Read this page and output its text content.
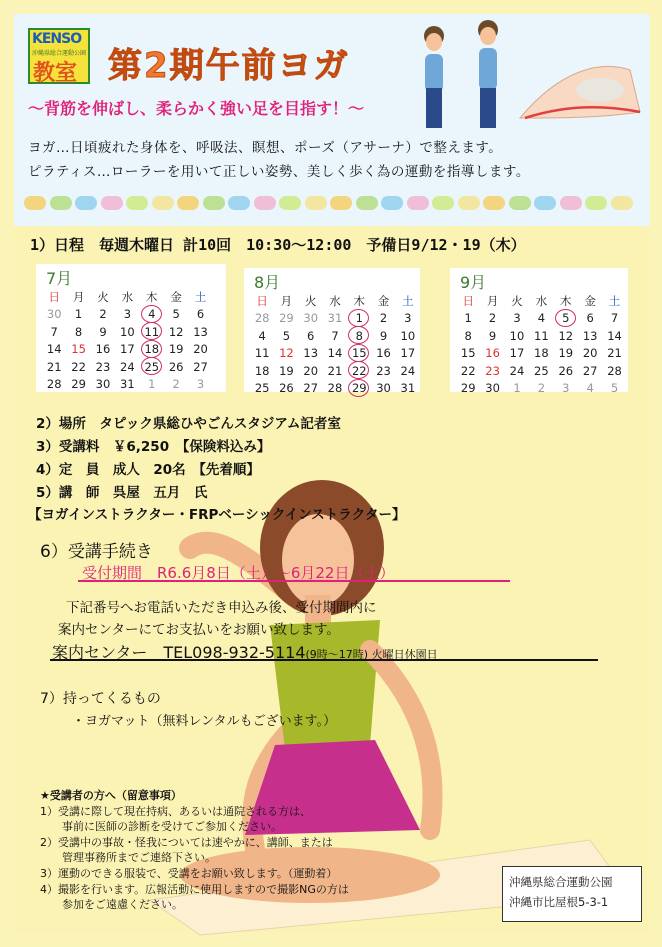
KENSO
沖縄県総合運動公園
教室 第2期午前ヨガ
～背筋を伸ばし、柔らかく強い足を目指す！～
ヨガ…日頃疲れた身体を、呼吸法、瞑想、ポーズ（アサーナ）で整えます。
ピラティス…ローラーを用いて正しい姿勢、美しく歩く為の運動を指導します。
1）日程　毎週木曜日 計10回　10:30～12:00　予備日9/12・19（木）
7月
日	月	火	水	木	金	土
30	1	2	3	4	5	6
7	8	9	10	11	12	13
14	15	16	17	18	19	20
21	22	23	24	25	26	27
28	29	30	31	1	2	3
8月
日	月	火	水	木	金	土
28	29	30	31	1	2	3
4	5	6	7	8	9	10
11	12	13	14	15	16	17
18	19	20	21	22	23	24
25	26	27	28	29	30	31
9月
日	月	火	水	木	金	土
1	2	3	4	5	6	7
8	9	10	11	12	13	14
15	16	17	18	19	20	21
22	23	24	25	26	27	28
29	30	1	2	3	4	5
2）場所　タピック県総ひやごんスタジアム記者室
3）受講料　￥6,250　【保険料込み】
4）定　員　成人　20名　【先着順】
5）講　師　呉屋　五月　氏
【ヨガインストラクター・FRPベーシックインストラクター】
6）受講手続き
受付期間　R6.6月8日（土）～6月22日（土）
下記番号へお電話いただき申込み後、受付期間内に
案内センターにてお支払いをお願い致します。
案内センター　TEL098-932-5114(9時～17時) 火曜日休園日
7）持ってくるもの
・ヨガマット（無料レンタルもございます。）
★受講者の方へ（留意事項）
1）受講に際して現在持病、あるいは通院される方は、
　　事前に医師の診断を受けてご参加ください。
2）受講中の事故・怪我については速やかに、講師、または
　　管理事務所までご連絡下さい。
3）運動のできる服装で、受講をお願い致します。（運動着）
4）撮影を行います。広報活動に使用しますので撮影NGの方は
　　参加をご遠慮ください。
沖縄県総合運動公園
沖縄市比屋根5-3-1
